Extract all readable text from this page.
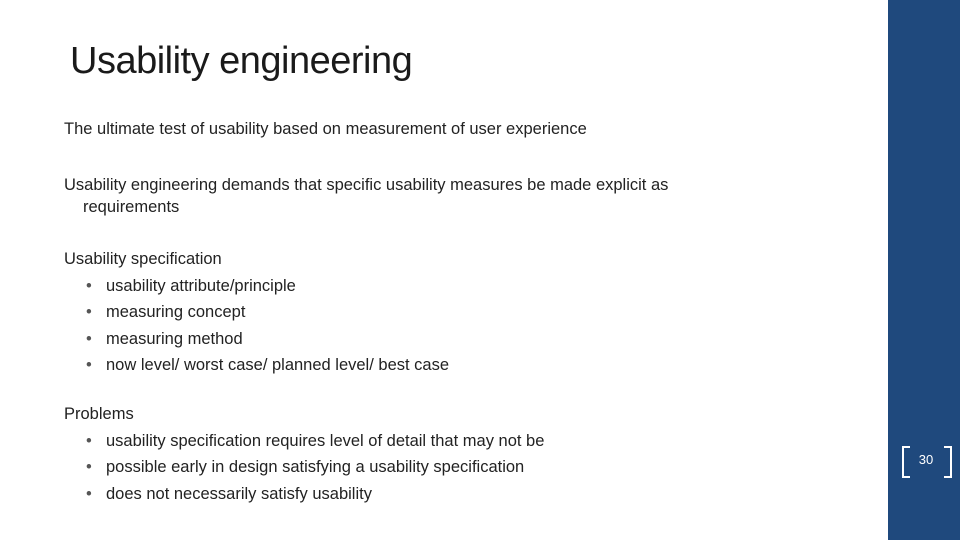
Usability engineering
The ultimate test of usability based on measurement of user experience
Usability engineering demands that specific usability measures be made explicit as
requirements
Usability specification
• usability attribute/principle
• measuring concept
• measuring method
• now level/ worst case/ planned level/ best case
Problems
• usability specification requires level of detail that may not be
• possible early in design satisfying a usability specification
• does not necessarily satisfy usability
30
